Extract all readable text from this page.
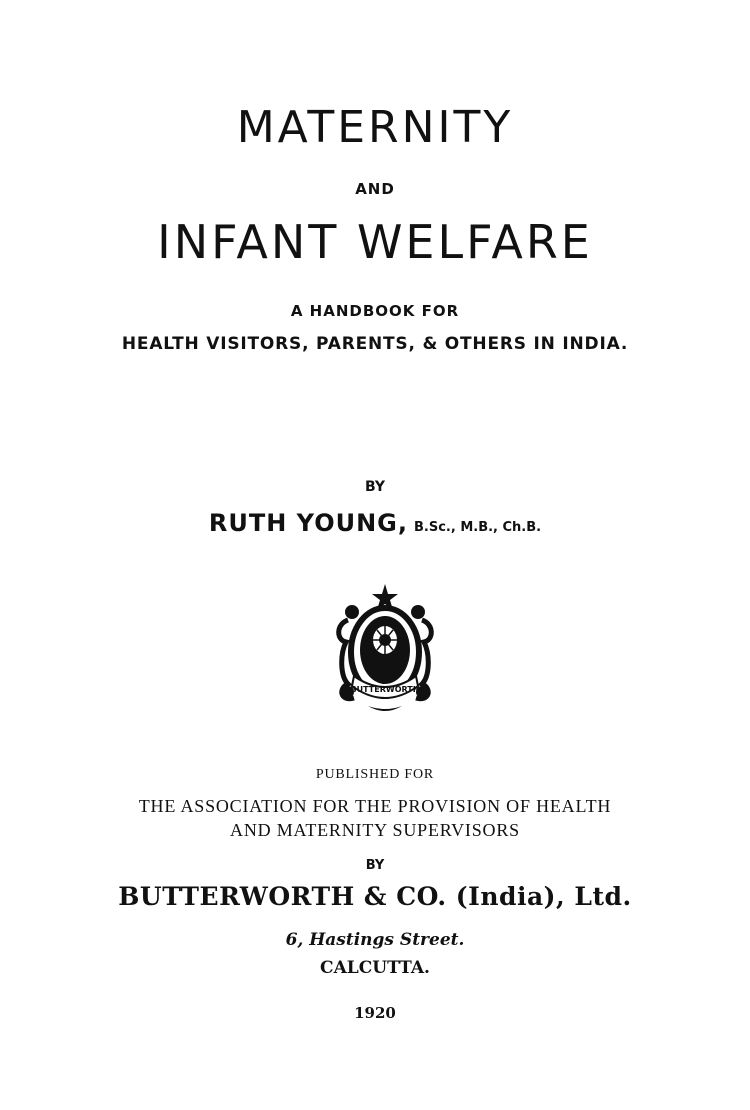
MATERNITY
AND
INFANT WELFARE
A HANDBOOK FOR
HEALTH VISITORS, PARENTS, & OTHERS IN INDIA.
BY
RUTH YOUNG, B.Sc., M.B., Ch.B.
BUTTERWORTH
PUBLISHED FOR
THE ASSOCIATION FOR THE PROVISION OF HEALTH
AND MATERNITY SUPERVISORS
BY
BUTTERWORTH & CO. (India), Ltd.
6, Hastings Street.
CALCUTTA.
1920
